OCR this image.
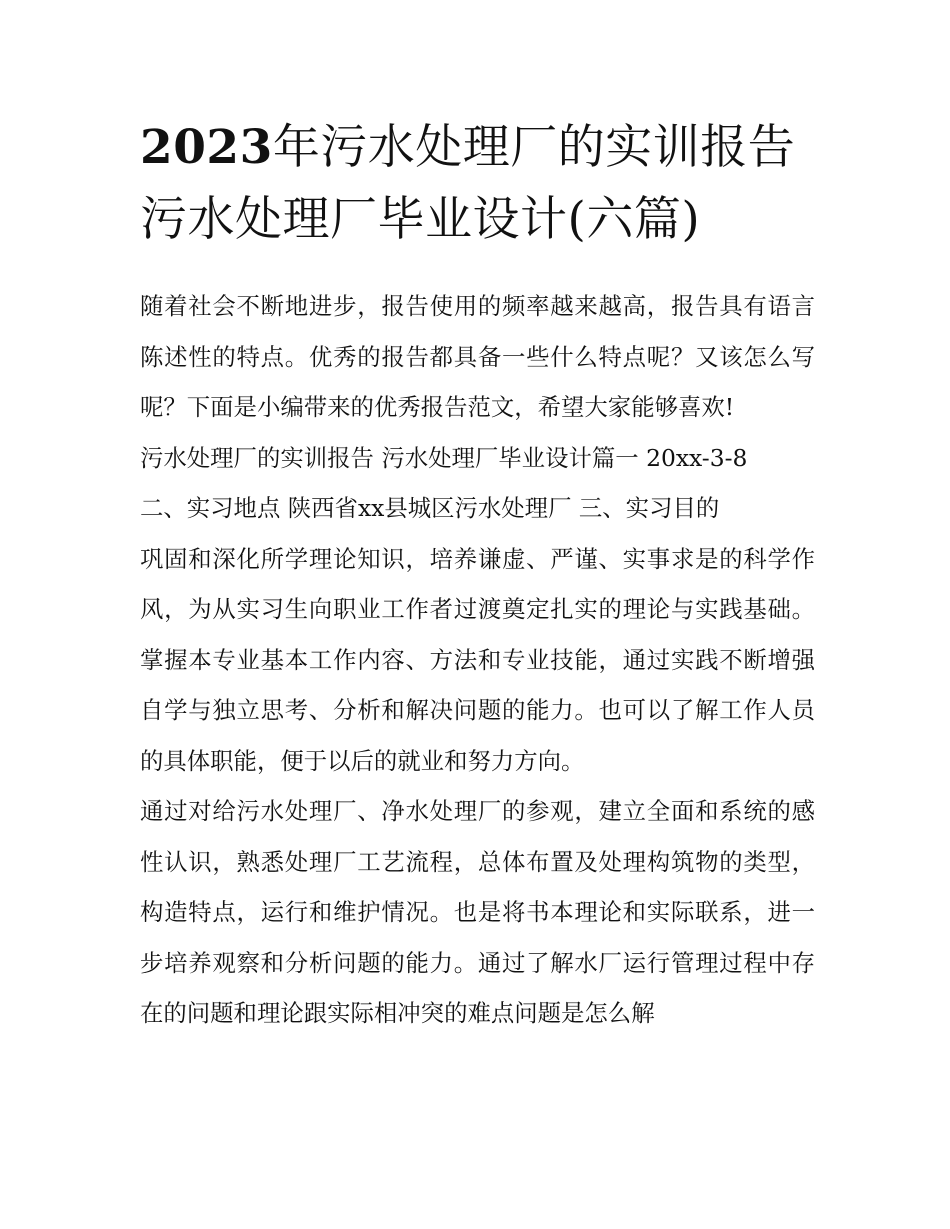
2023年污水处理厂的实训报告污水处理厂毕业设计(六篇)

随着社会不断地进步，报告使用的频率越来越高，报告具有语言陈述性的特点。优秀的报告都具备一些什么特点呢？又该怎么写呢？下面是小编带来的优秀报告范文，希望大家能够喜欢!

污水处理厂的实训报告 污水处理厂毕业设计篇一 20xx-3-8

二、实习地点 陕西省xx县城区污水处理厂 三、实习目的

巩固和深化所学理论知识，培养谦虚、严谨、实事求是的科学作风，为从实习生向职业工作者过渡奠定扎实的理论与实践基础。掌握本专业基本工作内容、方法和专业技能，通过实践不断增强自学与独立思考、分析和解决问题的能力。也可以了解工作人员的具体职能，便于以后的就业和努力方向。

通过对给污水处理厂、净水处理厂的参观，建立全面和系统的感性认识，熟悉处理厂工艺流程，总体布置及处理构筑物的类型，构造特点，运行和维护情况。也是将书本理论和实际联系，进一步培养观察和分析问题的能力。通过了解水厂运行管理过程中存在的问题和理论跟实际相冲突的难点问题是怎么解
